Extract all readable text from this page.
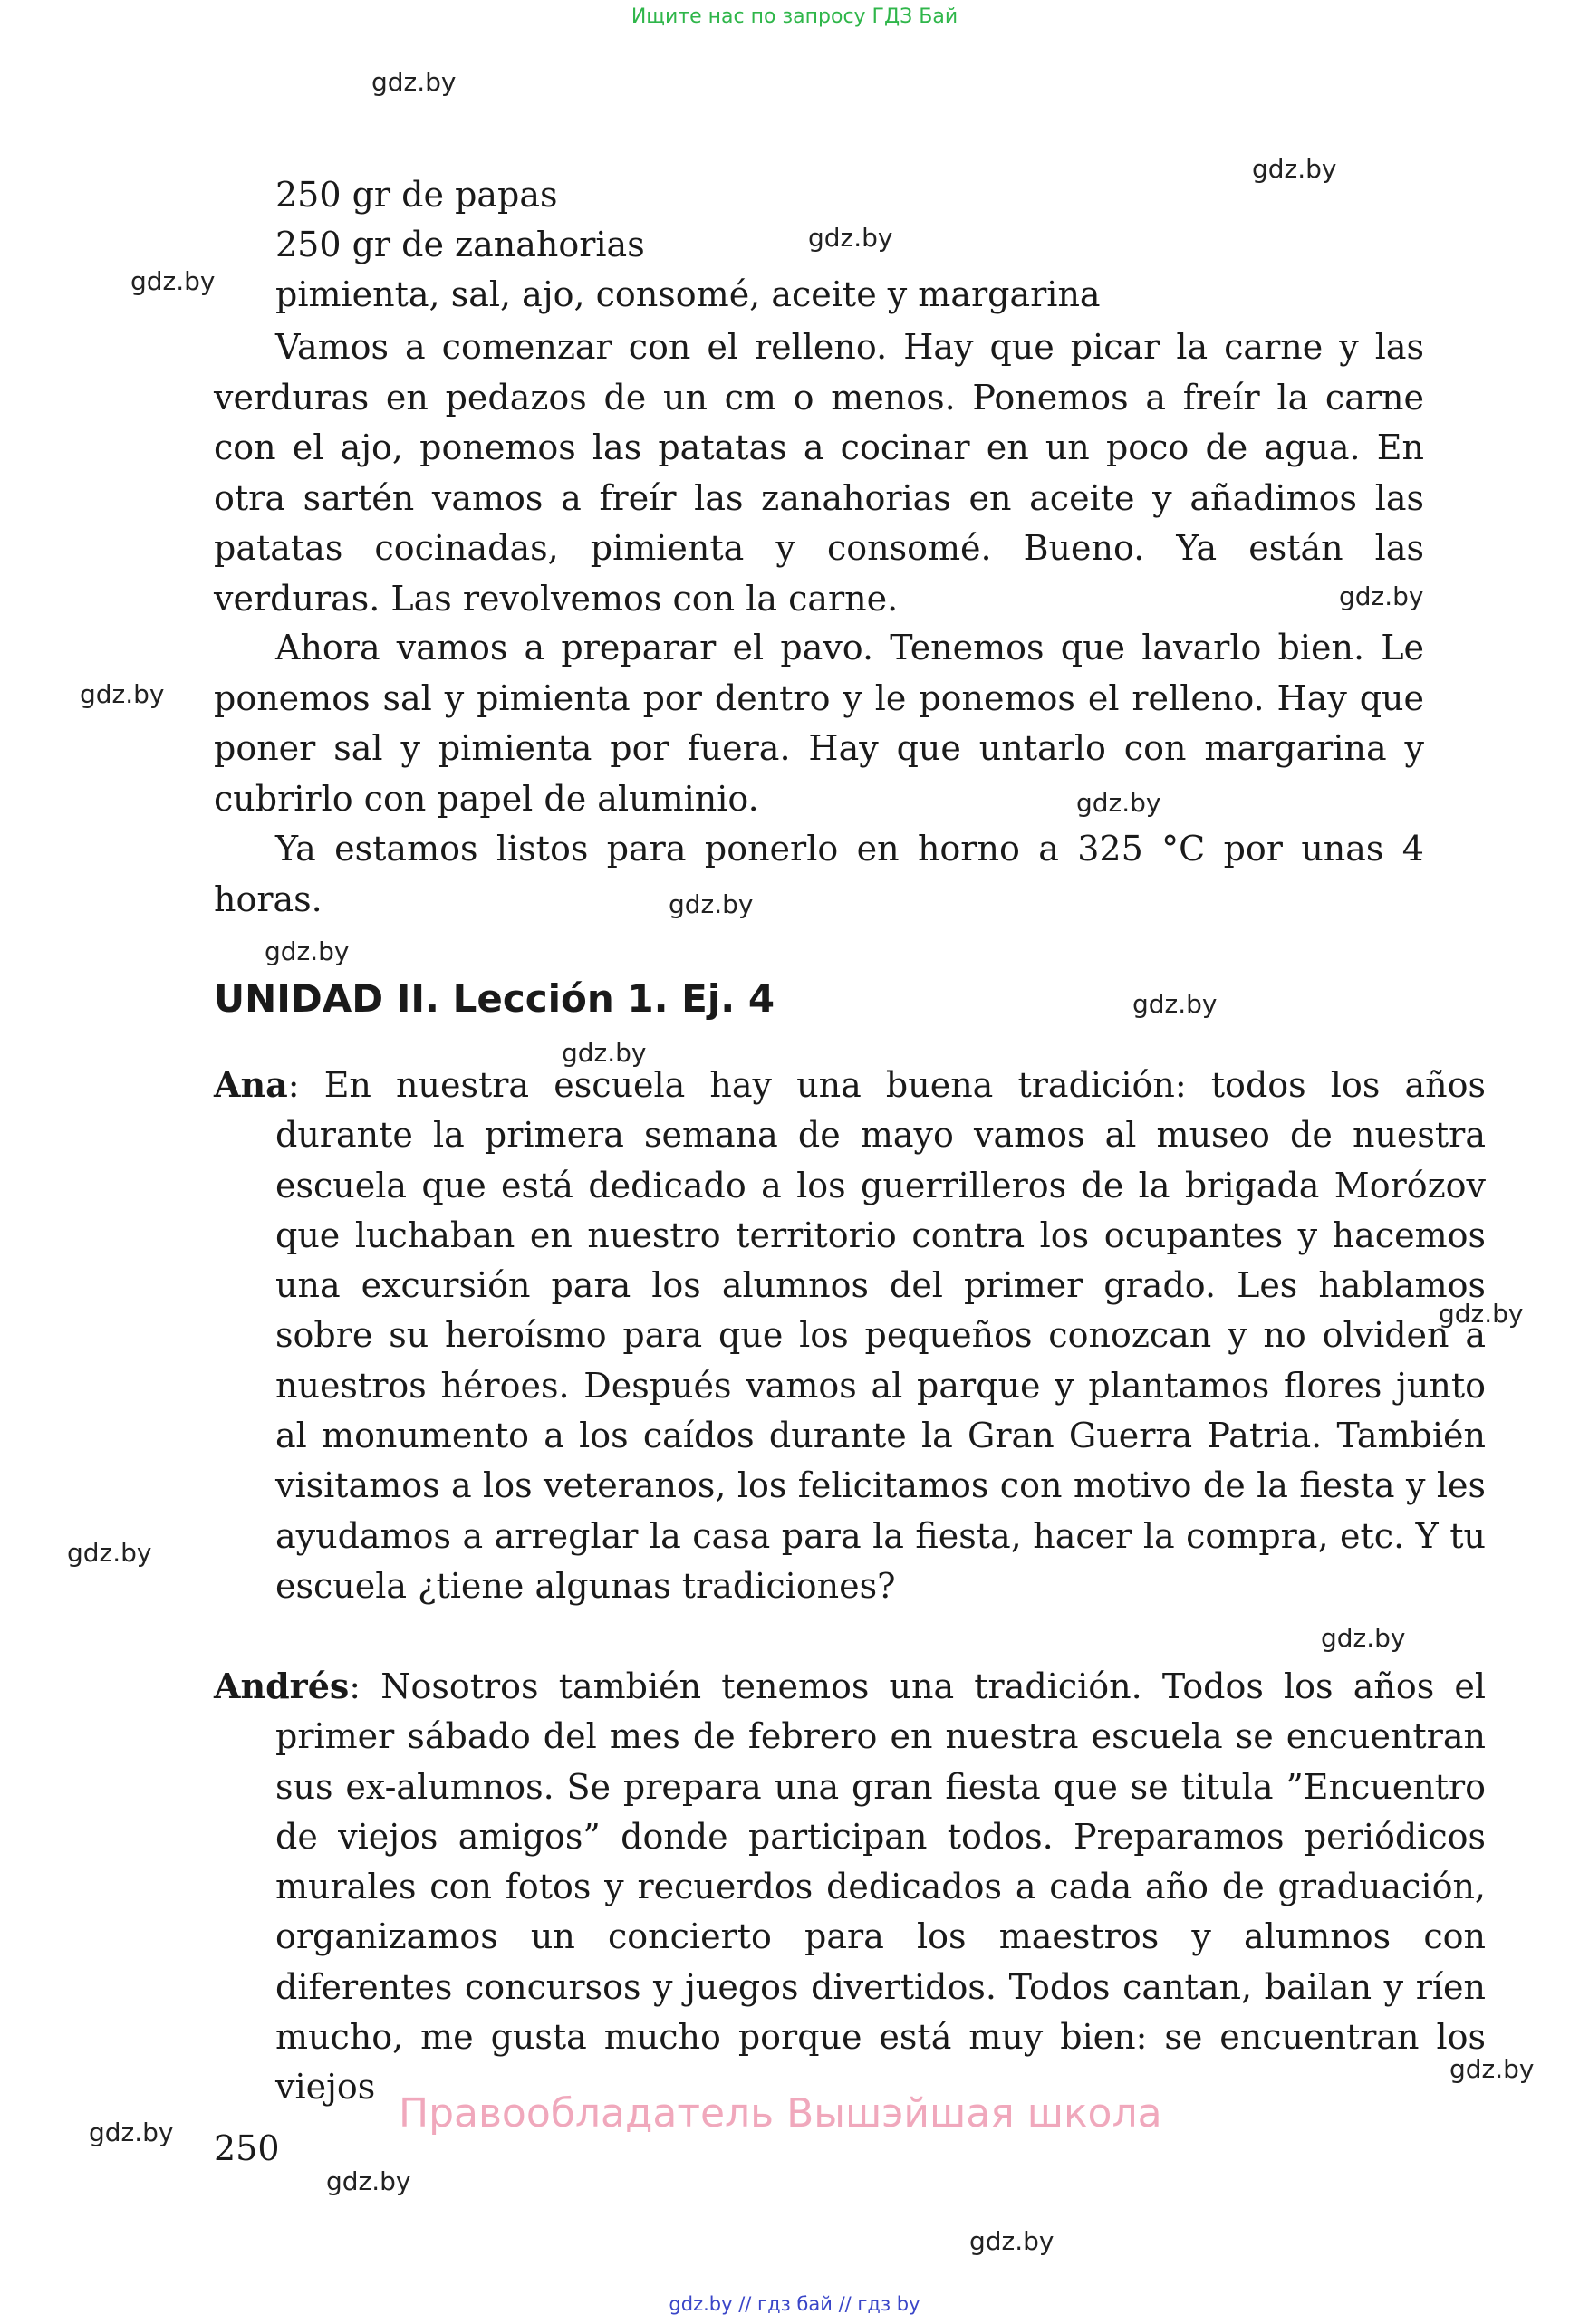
Ищите нас по запросу ГДЗ Бай
gdz.by
gdz.by
gdz.by
gdz.by
gdz.by
gdz.by
gdz.by
gdz.by
gdz.by
gdz.by
gdz.by
gdz.by
gdz.by
gdz.by
gdz.by
gdz.by
gdz.by
gdz.by
250 gr de papas
250 gr de zanahorias
pimienta, sal, ajo, consomé, aceite y margarina

Vamos a comenzar con el relleno. Hay que picar la carne y las verduras en pedazos de un cm o menos. Ponemos a freír la carne con el ajo, ponemos las patatas a cocinar en un poco de agua. En otra sartén vamos a freír las zanahorias en aceite y añadimos las patatas cocinadas, pimienta y consomé. Bueno. Ya están las verduras. Las revolvemos con la carne.

Ahora vamos a preparar el pavo. Tenemos que lavarlo bien. Le ponemos sal y pimienta por dentro y le ponemos el relleno. Hay que poner sal y pimienta por fuera. Hay que untarlo con margarina y cubrirlo con papel de aluminio.

Ya estamos listos para ponerlo en horno a 325 °C por unas 4 horas.

UNIDAD II. Lección 1. Ej. 4

Ana: En nuestra escuela hay una buena tradición: todos los años durante la primera semana de mayo vamos al museo de nuestra escuela que está dedicado a los guerrilleros de la brigada Morózov que luchaban en nuestro territorio contra los ocupantes y hacemos una excursión para los alumnos del primer grado. Les hablamos sobre su heroísmo para que los pequeños conozcan y no olviden a nuestros héroes. Después vamos al parque y plantamos flores junto al monumento a los caídos durante la Gran Guerra Patria. También visitamos a los veteranos, los felicitamos con motivo de la fiesta y les ayudamos a arreglar la casa para la fiesta, hacer la compra, etc. Y tu escuela ¿tiene algunas tradiciones?

Andrés: Nosotros también tenemos una tradición. Todos los años el primer sábado del mes de febrero en nuestra escuela se encuentran sus ex-alumnos. Se prepara una gran fiesta que se titula ”Encuentro de viejos amigos” donde participan todos. Preparamos periódicos murales con fotos y recuerdos dedicados a cada año de graduación, organizamos un concierto para los maestros y alumnos con diferentes concursos y juegos divertidos. Todos cantan, bailan y ríen mucho, me gusta mucho porque está muy bien: se encuentran los viejos

Правообладатель Вышэйшая школа
250
gdz.by // гдз бай // гдз by
